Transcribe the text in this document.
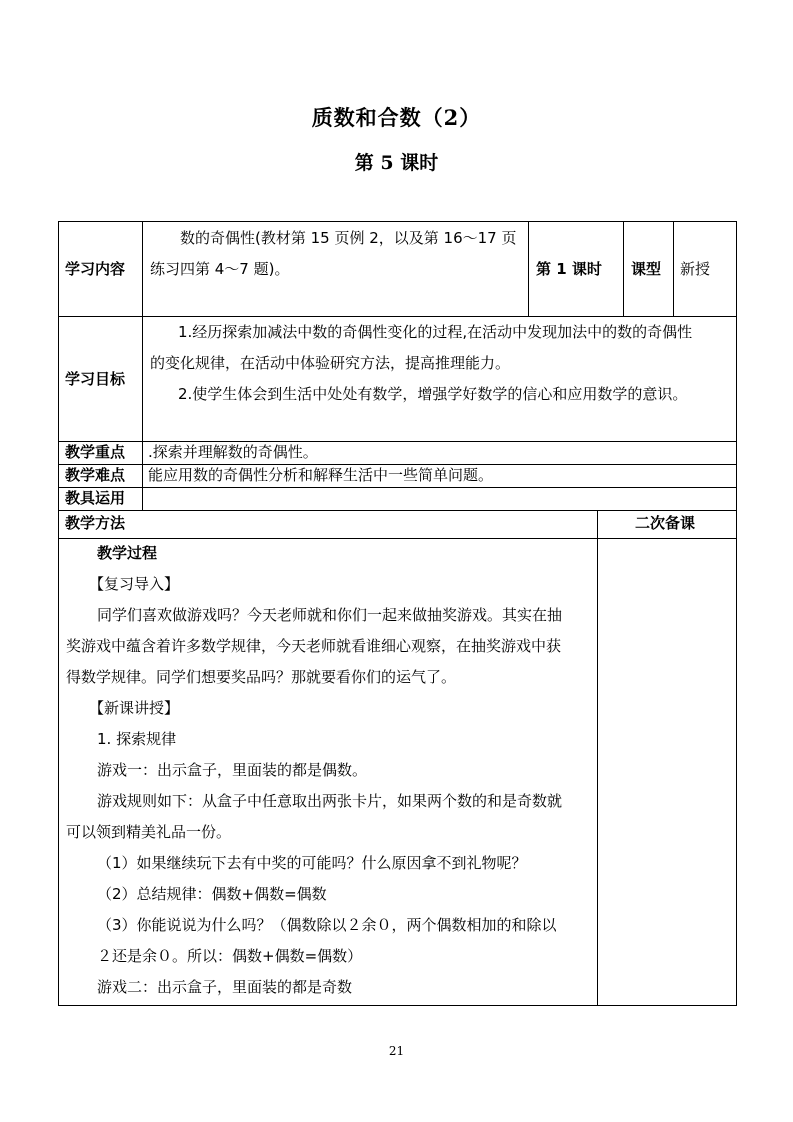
质数和合数（2）
第 5 课时
学习内容
数的奇偶性(教材第 15 页例 2，以及第 16～17 页
练习四第 4～7 题)。	第 1 课时 课型 新授
学习目标
1.经历探索加减法中数的奇偶性变化的过程,在活动中发现加法中的数的奇偶性
的变化规律，在活动中体验研究方法，提高推理能力。
2.使学生体会到生活中处处有数学，增强学好数学的信心和应用数学的意识。
教学重点 .探索并理解数的奇偶性。
教学难点 能应用数的奇偶性分析和解释生活中一些简单问题。
教具运用
教学方法	二次备课
教学过程
【复习导入】
同学们喜欢做游戏吗？今天老师就和你们一起来做抽奖游戏。其实在抽
奖游戏中蕴含着许多数学规律，今天老师就看谁细心观察，在抽奖游戏中获
得数学规律。同学们想要奖品吗？那就要看你们的运气了。
【新课讲授】
1. 探索规律
游戏一：出示盒子，里面装的都是偶数。
游戏规则如下：从盒子中任意取出两张卡片，如果两个数的和是奇数就
可以领到精美礼品一份。
（1）如果继续玩下去有中奖的可能吗？什么原因拿不到礼物呢？
（2）总结规律：偶数+偶数=偶数
（3）你能说说为什么吗？（偶数除以２余０，两个偶数相加的和除以
２还是余０。所以：偶数+偶数=偶数）
游戏二：出示盒子，里面装的都是奇数
21
